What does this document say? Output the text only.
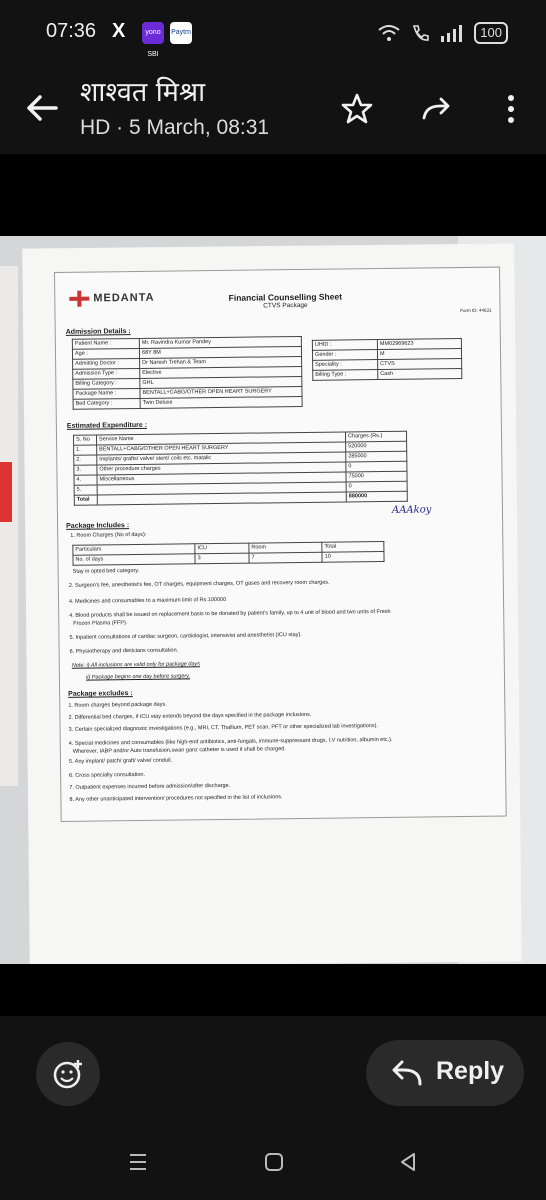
07:36 X	yono SBI
Paytm	100
शाश्वत मिश्रा
HD · 5 March, 08:31
MEDANTA	Financial Counselling Sheet
CTVS Package
Form ID: 44631
Admission Details :
Patient Name :	Mr. Ravindra Kumar Pandey
Age :	68Y 8M
Admitting Doctor :	Dr Naresh Trehan & Team
Admission Type :	Elective
Billing Category :	GHL
Package Name :	BENTALL+CABG/OTHER OPEN HEART SURGERY
Bed Category :	Twin Deluxe
UHID :	MM02969623
Gender :	M
Speciality :	CTVS
Billing Type :	Cash
Estimated Expenditure :
S. No	Service Name	Charges (Rs.)
1.	BENTALL+CABG/OTHER OPEN HEART SURGERY	520000
2.	Implants/ grafts/ valve/ stent/ coils etc. matalic	285000
3.	Other procedure charges	0
4.	Miscellaneous	75000
5.		0
Total		880000
AAAkoy
Package Includes :
1. Room Charges (No of days):
Particulars	ICU	Room	Total
No. of days	3	7	10
Stay in opted bed category.
2. Surgeon's fee, anesthetist's fee, OT charges, equipment charges, OT gases and recovery room charges.
4. Medicines and consumables to a maximum limit of Rs.100000
4. Blood products shall be issued on replacement basis to be donated by patient's family, up to 4 unit of blood and two units of Fresh
Frozen Plasma (FFP).
5. Inpatient consultations of cardiac surgeon, cardiologist, intensivist and anesthetist (ICU stay).
6. Physiotherapy and dieticians consultation.
Note: i) All inclusions are valid only for package days
ii) Package begins one day before surgery.
Package excludes :
1. Room charges beyond package days.
2. Differential bed charges, if ICU stay extends beyond the days specified in the package inclusions.
3. Certain specialized diagnostic investigations (e.g., MRI, CT, Thallium, PET scan, PFT or other specialized lab investigations).
4. Special medicines and consumables (like high-end antibiotics, anti-fungals, immune-suppressant drugs, I.V nutrition, albumin etc.).
Wherever, IABP and/or Auto transfusion,swan ganz catheter is used it shall be charged.
5. Any implant/ patch/ graft/ valve/ conduit.
6. Cross specialty consultation.
7. Outpatient expenses incurred before admission/after discharge.
8. Any other unanticipated intervention/ procedures not specified in the list of inclusions.
Reply
